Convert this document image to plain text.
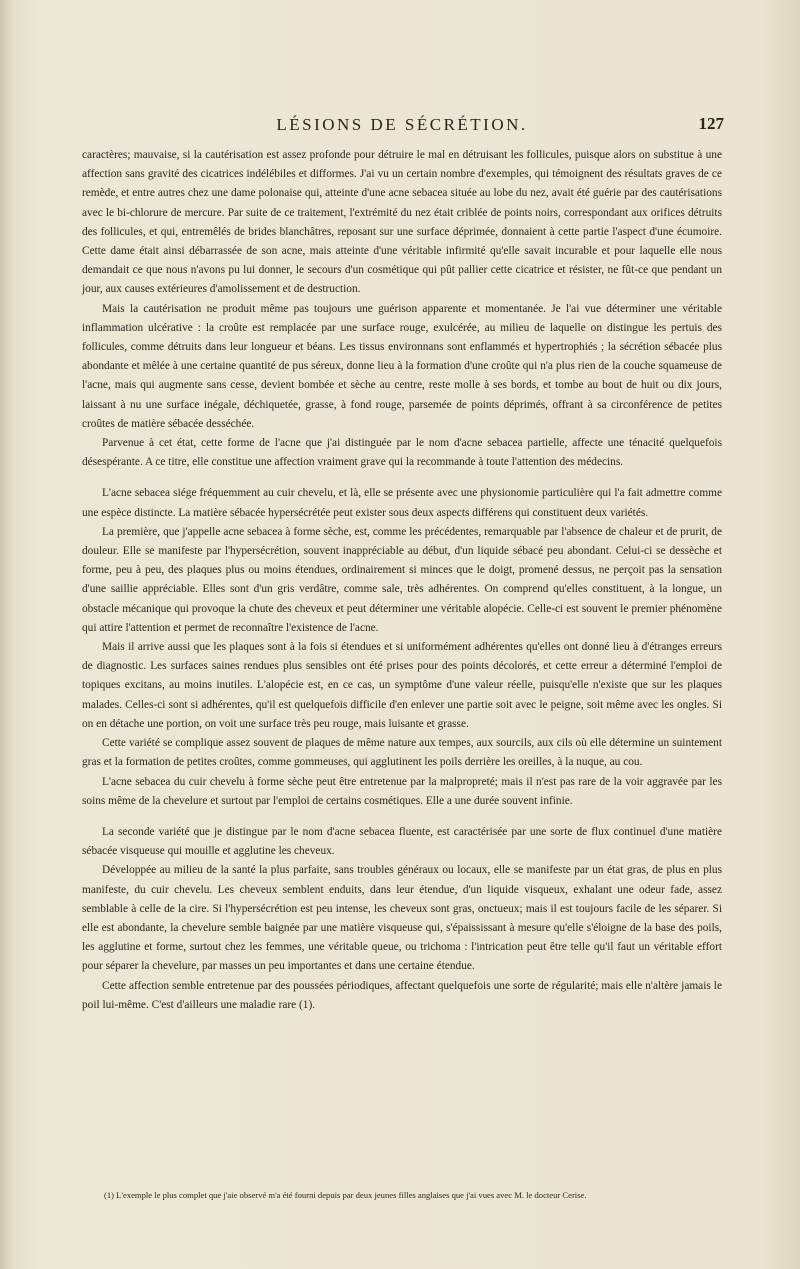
LÉSIONS DE SÉCRÉTION.	127

caractères; mauvaise, si la cautérisation est assez profonde pour détruire le mal en détruisant les follicules, puisque alors on substitue à une affection sans gravité des cicatrices indélébiles et difformes. J'ai vu un certain nombre d'exemples, qui témoignent des résultats graves de ce remède, et entre autres chez une dame polonaise qui, atteinte d'une acne sebacea située au lobe du nez, avait été guérie par des cautérisations avec le bi-chlorure de mercure. Par suite de ce traitement, l'extrémité du nez était criblée de points noirs, correspondant aux orifices détruits des follicules, et qui, entremêlés de brides blanchâtres, reposant sur une surface déprimée, donnaient à cette partie l'aspect d'une écumoire. Cette dame était ainsi débarrassée de son acne, mais atteinte d'une véritable infirmité qu'elle savait incurable et pour laquelle elle nous demandait ce que nous n'avons pu lui donner, le secours d'un cosmétique qui pût pallier cette cicatrice et résister, ne fût-ce que pendant un jour, aux causes extérieures d'amolissement et de destruction.

Mais la cautérisation ne produit même pas toujours une guérison apparente et momentanée. Je l'ai vue déterminer une véritable inflammation ulcérative : la croûte est remplacée par une surface rouge, exulcérée, au milieu de laquelle on distingue les pertuis des follicules, comme détruits dans leur longueur et béans. Les tissus environnans sont enflammés et hypertrophiés ; la sécrétion sébacée plus abondante et mêlée à une certaine quantité de pus séreux, donne lieu à la formation d'une croûte qui n'a plus rien de la couche squameuse de l'acne, mais qui augmente sans cesse, devient bombée et sèche au centre, reste molle à ses bords, et tombe au bout de huit ou dix jours, laissant à nu une surface inégale, déchiquetée, grasse, à fond rouge, parsemée de points déprimés, offrant à sa circonférence de petites croûtes de matière sébacée desséchée.

Parvenue à cet état, cette forme de l'acne que j'ai distinguée par le nom d'acne sebacea partielle, affecte une ténacité quelquefois désespérante. A ce titre, elle constitue une affection vraiment grave qui la recommande à toute l'attention des médecins.

L'acne sebacea siége fréquemment au cuir chevelu, et là, elle se présente avec une physionomie particulière qui l'a fait admettre comme une espèce distincte. La matière sébacée hypersécrétée peut exister sous deux aspects différens qui constituent deux variétés.

La première, que j'appelle acne sebacea à forme sèche, est, comme les précédentes, remarquable par l'absence de chaleur et de prurit, de douleur. Elle se manifeste par l'hypersécrétion, souvent inappréciable au début, d'un liquide sébacé peu abondant. Celui-ci se dessèche et forme, peu à peu, des plaques plus ou moins étendues, ordinairement si minces que le doigt, promené dessus, ne perçoit pas la sensation d'une saillie appréciable. Elles sont d'un gris verdâtre, comme sale, très adhérentes. On comprend qu'elles constituent, à la longue, un obstacle mécanique qui provoque la chute des cheveux et peut déterminer une véritable alopécie. Celle-ci est souvent le premier phénomène qui attire l'attention et permet de reconnaître l'existence de l'acne.

Mais il arrive aussi que les plaques sont à la fois si étendues et si uniformément adhérentes qu'elles ont donné lieu à d'étranges erreurs de diagnostic. Les surfaces saines rendues plus sensibles ont été prises pour des points décolorés, et cette erreur a déterminé l'emploi de topiques excitans, au moins inutiles. L'alopécie est, en ce cas, un symptôme d'une valeur réelle, puisqu'elle n'existe que sur les plaques malades. Celles-ci sont si adhérentes, qu'il est quelquefois difficile d'en enlever une partie soit avec le peigne, soit même avec les ongles. Si on en détache une portion, on voit une surface très peu rouge, mais luisante et grasse.

Cette variété se complique assez souvent de plaques de même nature aux tempes, aux sourcils, aux cils où elle détermine un suintement gras et la formation de petites croûtes, comme gommeuses, qui agglutinent les poils derrière les oreilles, à la nuque, au cou.

L'acne sebacea du cuir chevelu à forme sèche peut être entretenue par la malpropreté; mais il n'est pas rare de la voir aggravée par les soins même de la chevelure et surtout par l'emploi de certains cosmétiques. Elle a une durée souvent infinie.

La seconde variété que je distingue par le nom d'acne sebacea fluente, est caractérisée par une sorte de flux continuel d'une matière sébacée visqueuse qui mouille et agglutine les cheveux.

Développée au milieu de la santé la plus parfaite, sans troubles généraux ou locaux, elle se manifeste par un état gras, de plus en plus manifeste, du cuir chevelu. Les cheveux semblent enduits, dans leur étendue, d'un liquide visqueux, exhalant une odeur fade, assez semblable à celle de la cire. Si l'hypersécrétion est peu intense, les cheveux sont gras, onctueux; mais il est toujours facile de les séparer. Si elle est abondante, la chevelure semble baignée par une matière visqueuse qui, s'épaississant à mesure qu'elle s'éloigne de la base des poils, les agglutine et forme, surtout chez les femmes, une véritable queue, ou trichoma : l'intrication peut être telle qu'il faut un véritable effort pour séparer la chevelure, par masses un peu importantes et dans une certaine étendue.

Cette affection semble entretenue par des poussées périodiques, affectant quelquefois une sorte de régularité; mais elle n'altère jamais le poil lui-même. C'est d'ailleurs une maladie rare (1).

(1) L'exemple le plus complet que j'aie observé m'a été fourni depuis par deux jeunes filles anglaises que j'ai vues avec M. le docteur Cerise.
